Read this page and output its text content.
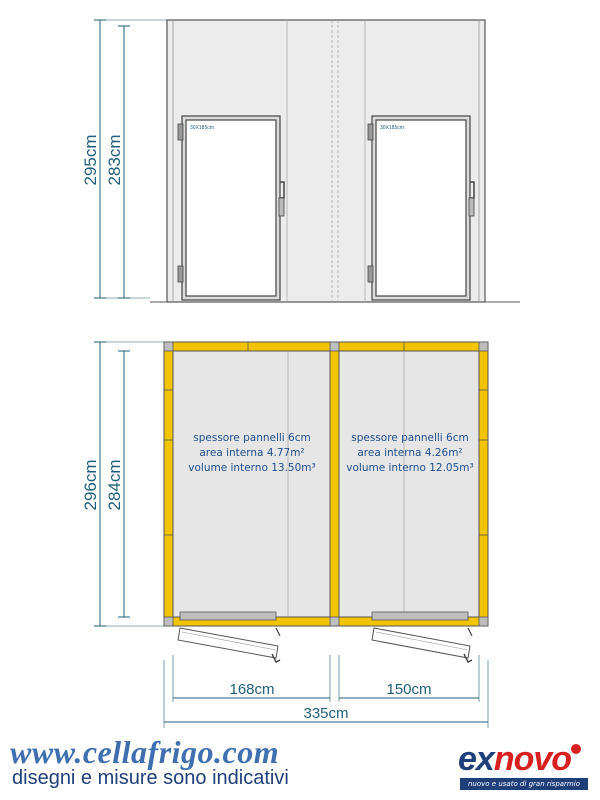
30X185cm	30X185cm
295cm 283cm
spessore pannelli 6cm
area interna 4.77m²
volume interno 13.50m³
spessore pannelli 6cm
area interna 4.26m²
volume interno 12.05m³
296cm 284cm
168cm	150cm
335cm
www.cellafrigo.com
disegni e misure sono indicativi	exnovo
nuovo e usato di gran risparmio
